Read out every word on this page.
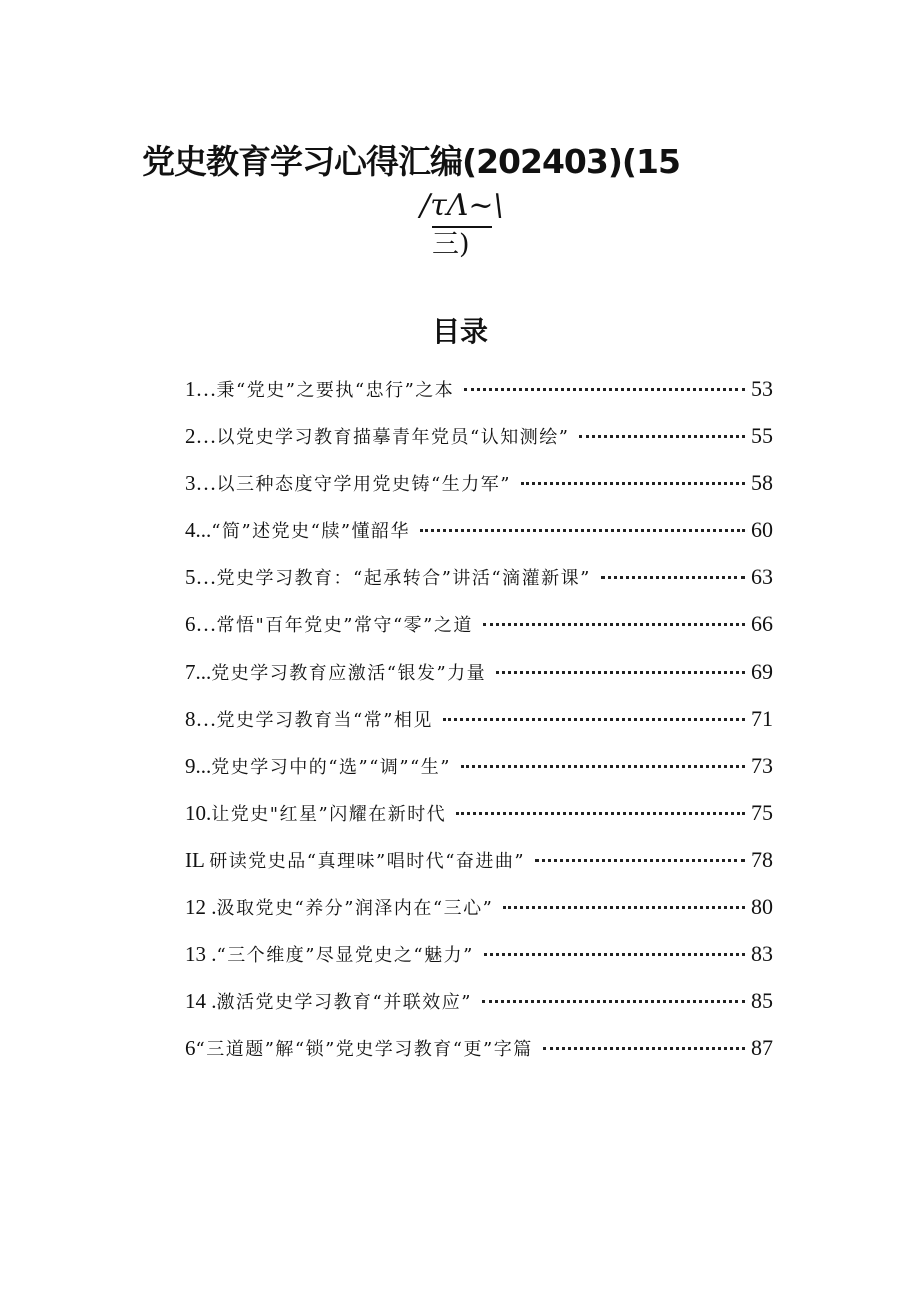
党史教育学习心得汇编(202403)(15
/τΛ~\
三)
目录
1…秉“党史”之要执“忠行”之本	53
2…以党史学习教育描摹青年党员“认知测绘”	55
3…以三种态度守学用党史铸“生力军”	58
4...“简”述党史“牍”懂韶华	60
5…党史学习教育：“起承转合”讲活“滴灌新课”	63
6…常悟"百年党史”常守“零”之道	66
7...党史学习教育应激活“银发”力量	69
8…党史学习教育当“常”相见	71
9...党史学习中的“选”“调”“生”	73
10.让党史"红星”闪耀在新时代	75
IL 研读党史品“真理味”唱时代“奋进曲”	78
12 .汲取党史“养分”润泽内在“三心”	80
13 .“三个维度”尽显党史之“魅力”	83
14 .激活党史学习教育“并联效应”	85
6“三道题”解“锁”党史学习教育“更”字篇	87
